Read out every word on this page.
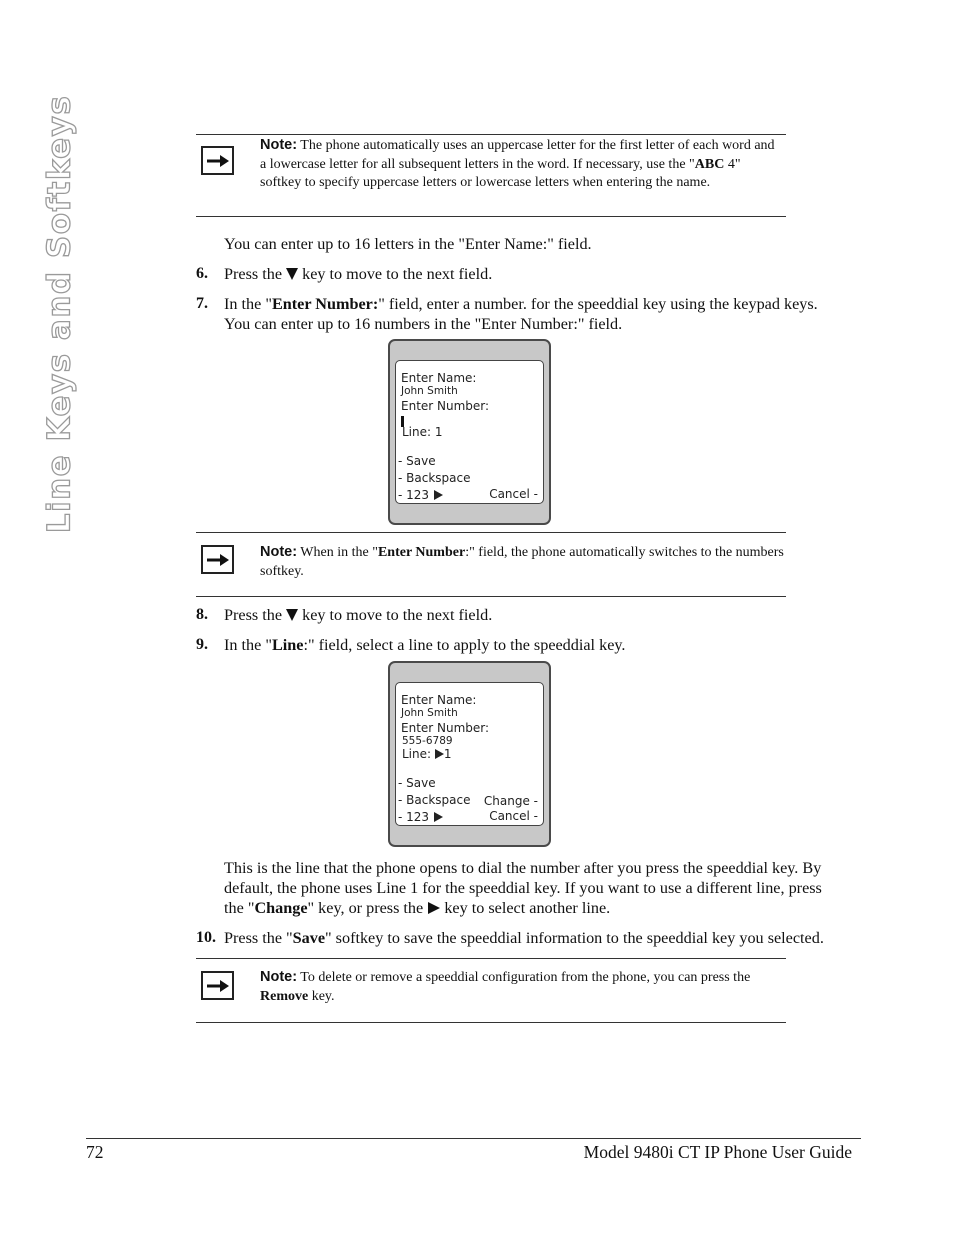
Line Keys and Softkeys	Note: The phone automatically uses an uppercase letter for the first letter of each word and a lowercase letter for all subsequent letters in the word. If necessary, use the "ABC 4" softkey to specify uppercase letters or lowercase letters when entering the name.
You can enter up to 16 letters in the "Enter Name:" field.
6. Press the  key to move to the next field.
7. In the "Enter Number:" field, enter a number. for the speeddial key using the keypad keys.
You can enter up to 16 numbers in the "Enter Number:" field.
Enter Name:
John Smith
Enter Number:
Line: 1
- Save
- Backspace
- 123	Cancel -
Note: When in the "Enter Number:" field, the phone automatically switches to the numbers softkey.
8. Press the  key to move to the next field.
9. In the "Line:" field, select a line to apply to the speeddial key.
Enter Name:
John Smith
Enter Number:
555-6789
Line: 1
- Save
- Backspace Change -
- 123	Cancel -
This is the line that the phone opens to dial the number after you press the speeddial key. By
default, the phone uses Line 1 for the speeddial key. If you want to use a different line, press
the "Change" key, or press the  key to select another line.
10. Press the "Save" softkey to save the speeddial information to the speeddial key you selected.
Note: To delete or remove a speeddial configuration from the phone, you can press the Remove key.
72	Model 9480i CT IP Phone User Guide
